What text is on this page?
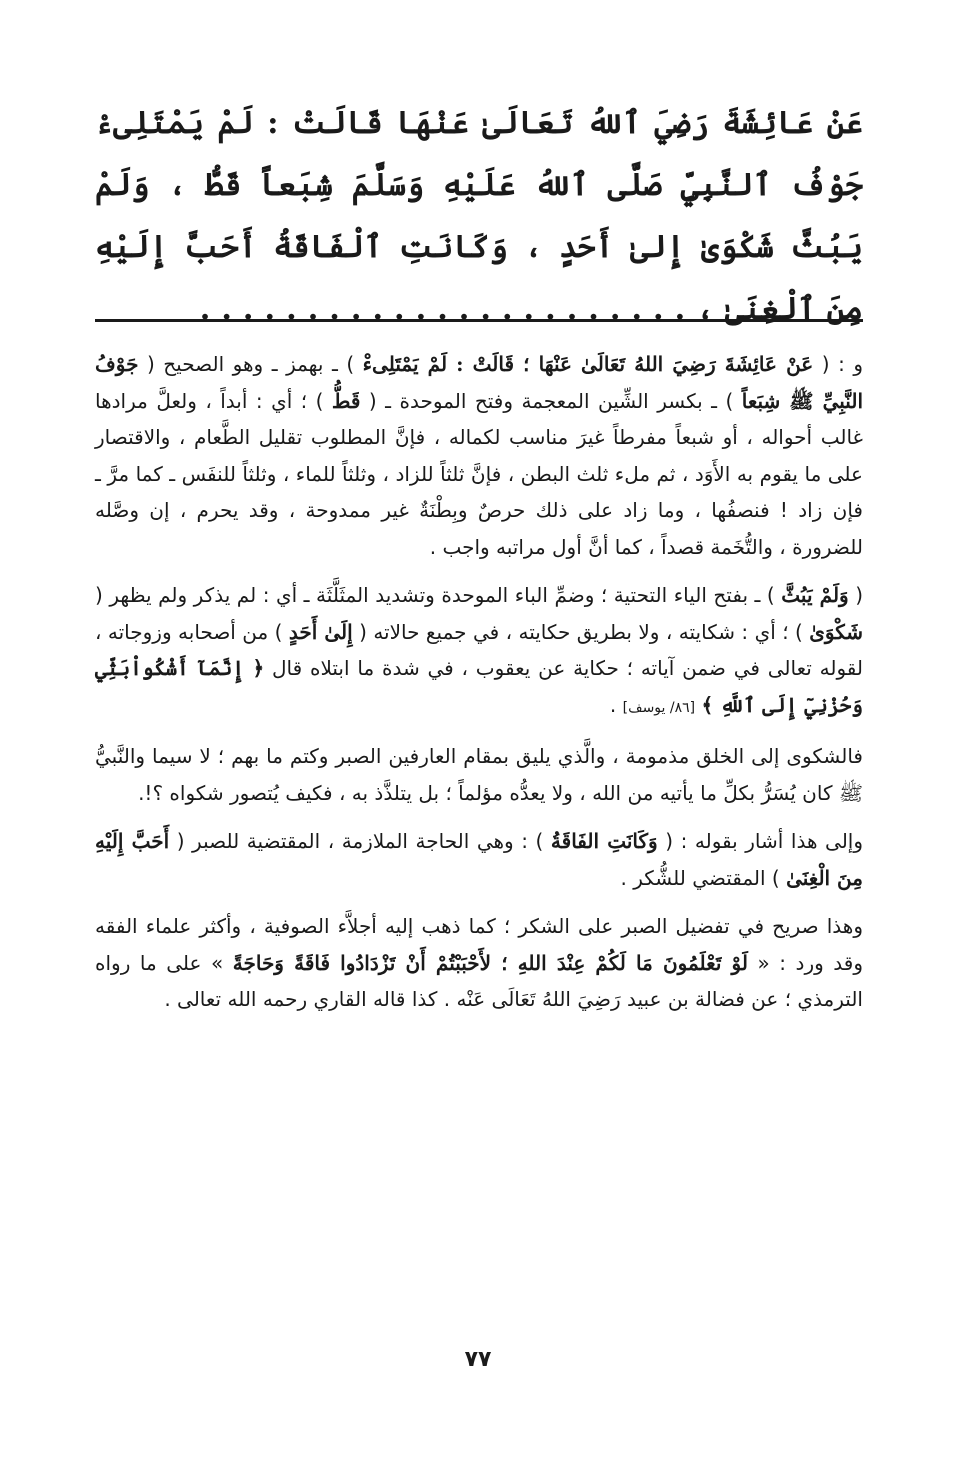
عَنْ عَائِشَةَ رَضِيَ ٱللهُ تَعَالَىٰ عَنْهَا قَالَتْ : لَمْ يَمْتَلِىءْ جَوْفُ ٱلنَّبِيِّ صَلَّى ٱللهُ عَلَيْهِ وَسَلَّمَ شِبَعاً قَطُّ ، وَلَمْ يَبُثَّ شَكْوَىٰ إِلىٰ أَحَدٍ ، وَكَانَتِ ٱلْفَاقَةُ أَحَبَّ إِلَيْهِ مِنَ ٱلْغِنَىٰ ، . . . . . . . . . . . . . . . . . . . . . . .

و : ( عَنْ عَائِشَةَ رَضِيَ اللهُ تَعَالَىٰ عَنْهَا ؛ قَالَتْ : لَمْ يَمْتَلِىءْ ) ـ بهمز ـ وهو الصحيح ( جَوْفُ النَّبِيِّ ﷺ شِبَعاً ) ـ بكسر الشِّين المعجمة وفتح الموحدة ـ ( قَطُّ ) ؛ أي : أبداً ، ولعلَّ مرادها غالب أحواله ، أو شبعاً مفرطاً غيرَ مناسب لكماله ، فإنَّ المطلوب تقليل الطَّعام ، والاقتصار على ما يقوم به الأَوَد ، ثم ملء ثلث البطن ، فإنَّ ثلثاً للزاد ، وثلثاً للماء ، وثلثاً للنفَس ـ كما مرَّ ـ فإن زاد ! فنصفُها ، وما زاد على ذلك حرصٌ وبِطْنَةٌ غير ممدوحة ، وقد يحرم ، إن وصَّله للضرورة ، والتُّخَمة قصداً ، كما أنَّ أول مراتبه واجب .

( وَلَمْ يَبُثَّ ) ـ بفتح الياء التحتية ؛ وضمِّ الباء الموحدة وتشديد المثَلَّثَة ـ أي : لم يذكر ولم يظهر ( شَكْوَىٰ ) ؛ أي : شكايته ، ولا بطريق حكايته ، في جميع حالاته ( إِلَىٰ أَحَدٍ ) من أصحابه وزوجاته ، لقوله تعالى في ضمن آياته ؛ حكاية عن يعقوب ، في شدة ما ابتلاه قال ﴿ إِنَّمَآ أَشْكُواْبَثِّي وَحُزْنِيٓ إِلَى ٱللَّهِ ﴾ [٨٦/ يوسف] .

فالشكوى إلى الخلق مذمومة ، والَّذي يليق بمقام العارفين الصبر وكتم ما بهم ؛ لا سيما والنَّبيُّ ﷺ كان يُسَرُّ بكلِّ ما يأتيه من الله ، ولا يعدُّه مؤلماً ؛ بل يتلذَّذ به ، فكيف يُتصور شكواه ؟!.

وإلى هذا أشار بقوله : ( وَكَانَتِ الفَاقَةُ ) : وهي الحاجة الملازمة ، المقتضية للصبر ( أَحَبَّ إِلَيْهِ مِنَ الْغِنَىٰ ) المقتضي للشُّكر .

وهذا صريح في تفضيل الصبر على الشكر ؛ كما ذهب إليه أجلاَّء الصوفية ، وأكثر علماء الفقه وقد ورد : « لَوْ تَعْلَمُونَ مَا لَكُمْ عِنْدَ اللهِ ؛ لأَحْبَبْتُمْ أَنْ تَزْدَادُوا فَاقَةً وَحَاجَةً » على ما رواه الترمذي ؛ عن فضالة بن عبيد رَضِيَ اللهُ تَعَالَى عَنْه . كذا قاله القاري رحمه الله تعالى .

٧٧
